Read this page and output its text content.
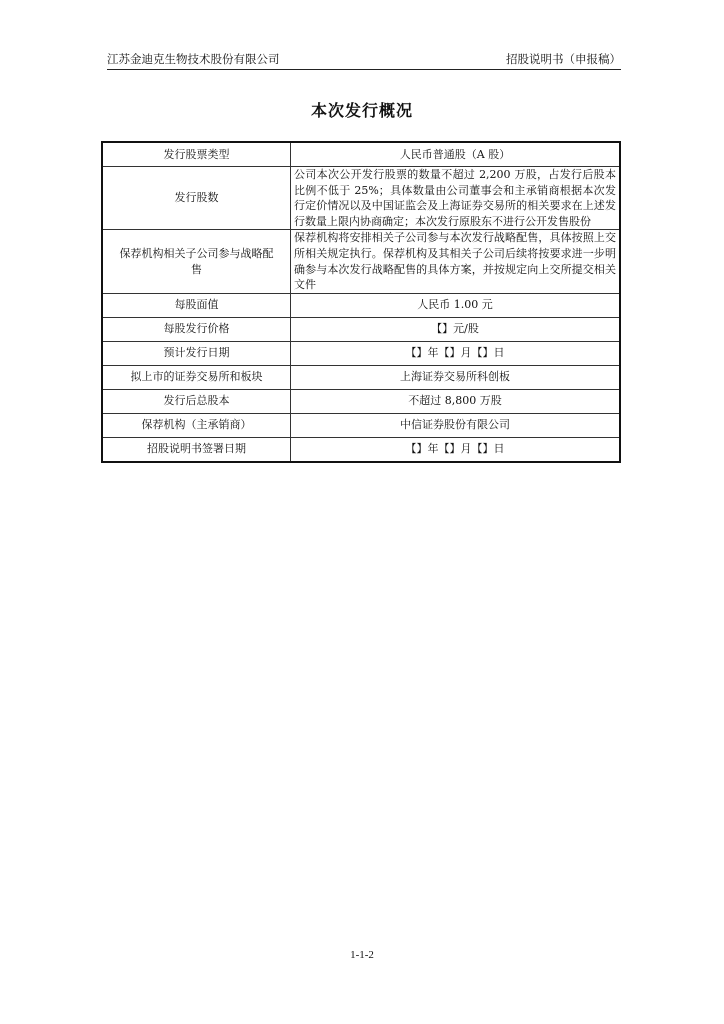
江苏金迪克生物技术股份有限公司	招股说明书（申报稿）
本次发行概况
发行股票类型	人民币普通股（A 股）
发行股数	公司本次公开发行股票的数量不超过 2,200 万股，占发行后股本比例不低于 25%；具体数量由公司董事会和主承销商根据本次发行定价情况以及中国证监会及上海证券交易所的相关要求在上述发行数量上限内协商确定；本次发行原股东不进行公开发售股份
保荐机构相关子公司参与战略配售	保荐机构将安排相关子公司参与本次发行战略配售，具体按照上交所相关规定执行。保荐机构及其相关子公司后续将按要求进一步明确参与本次发行战略配售的具体方案，并按规定向上交所提交相关文件
每股面值	人民币 1.00 元
每股发行价格	【】元/股
预计发行日期	【】年【】月【】日
拟上市的证券交易所和板块	上海证券交易所科创板
发行后总股本	不超过 8,800 万股
保荐机构（主承销商）	中信证券股份有限公司
招股说明书签署日期	【】年【】月【】日
1-1-2
